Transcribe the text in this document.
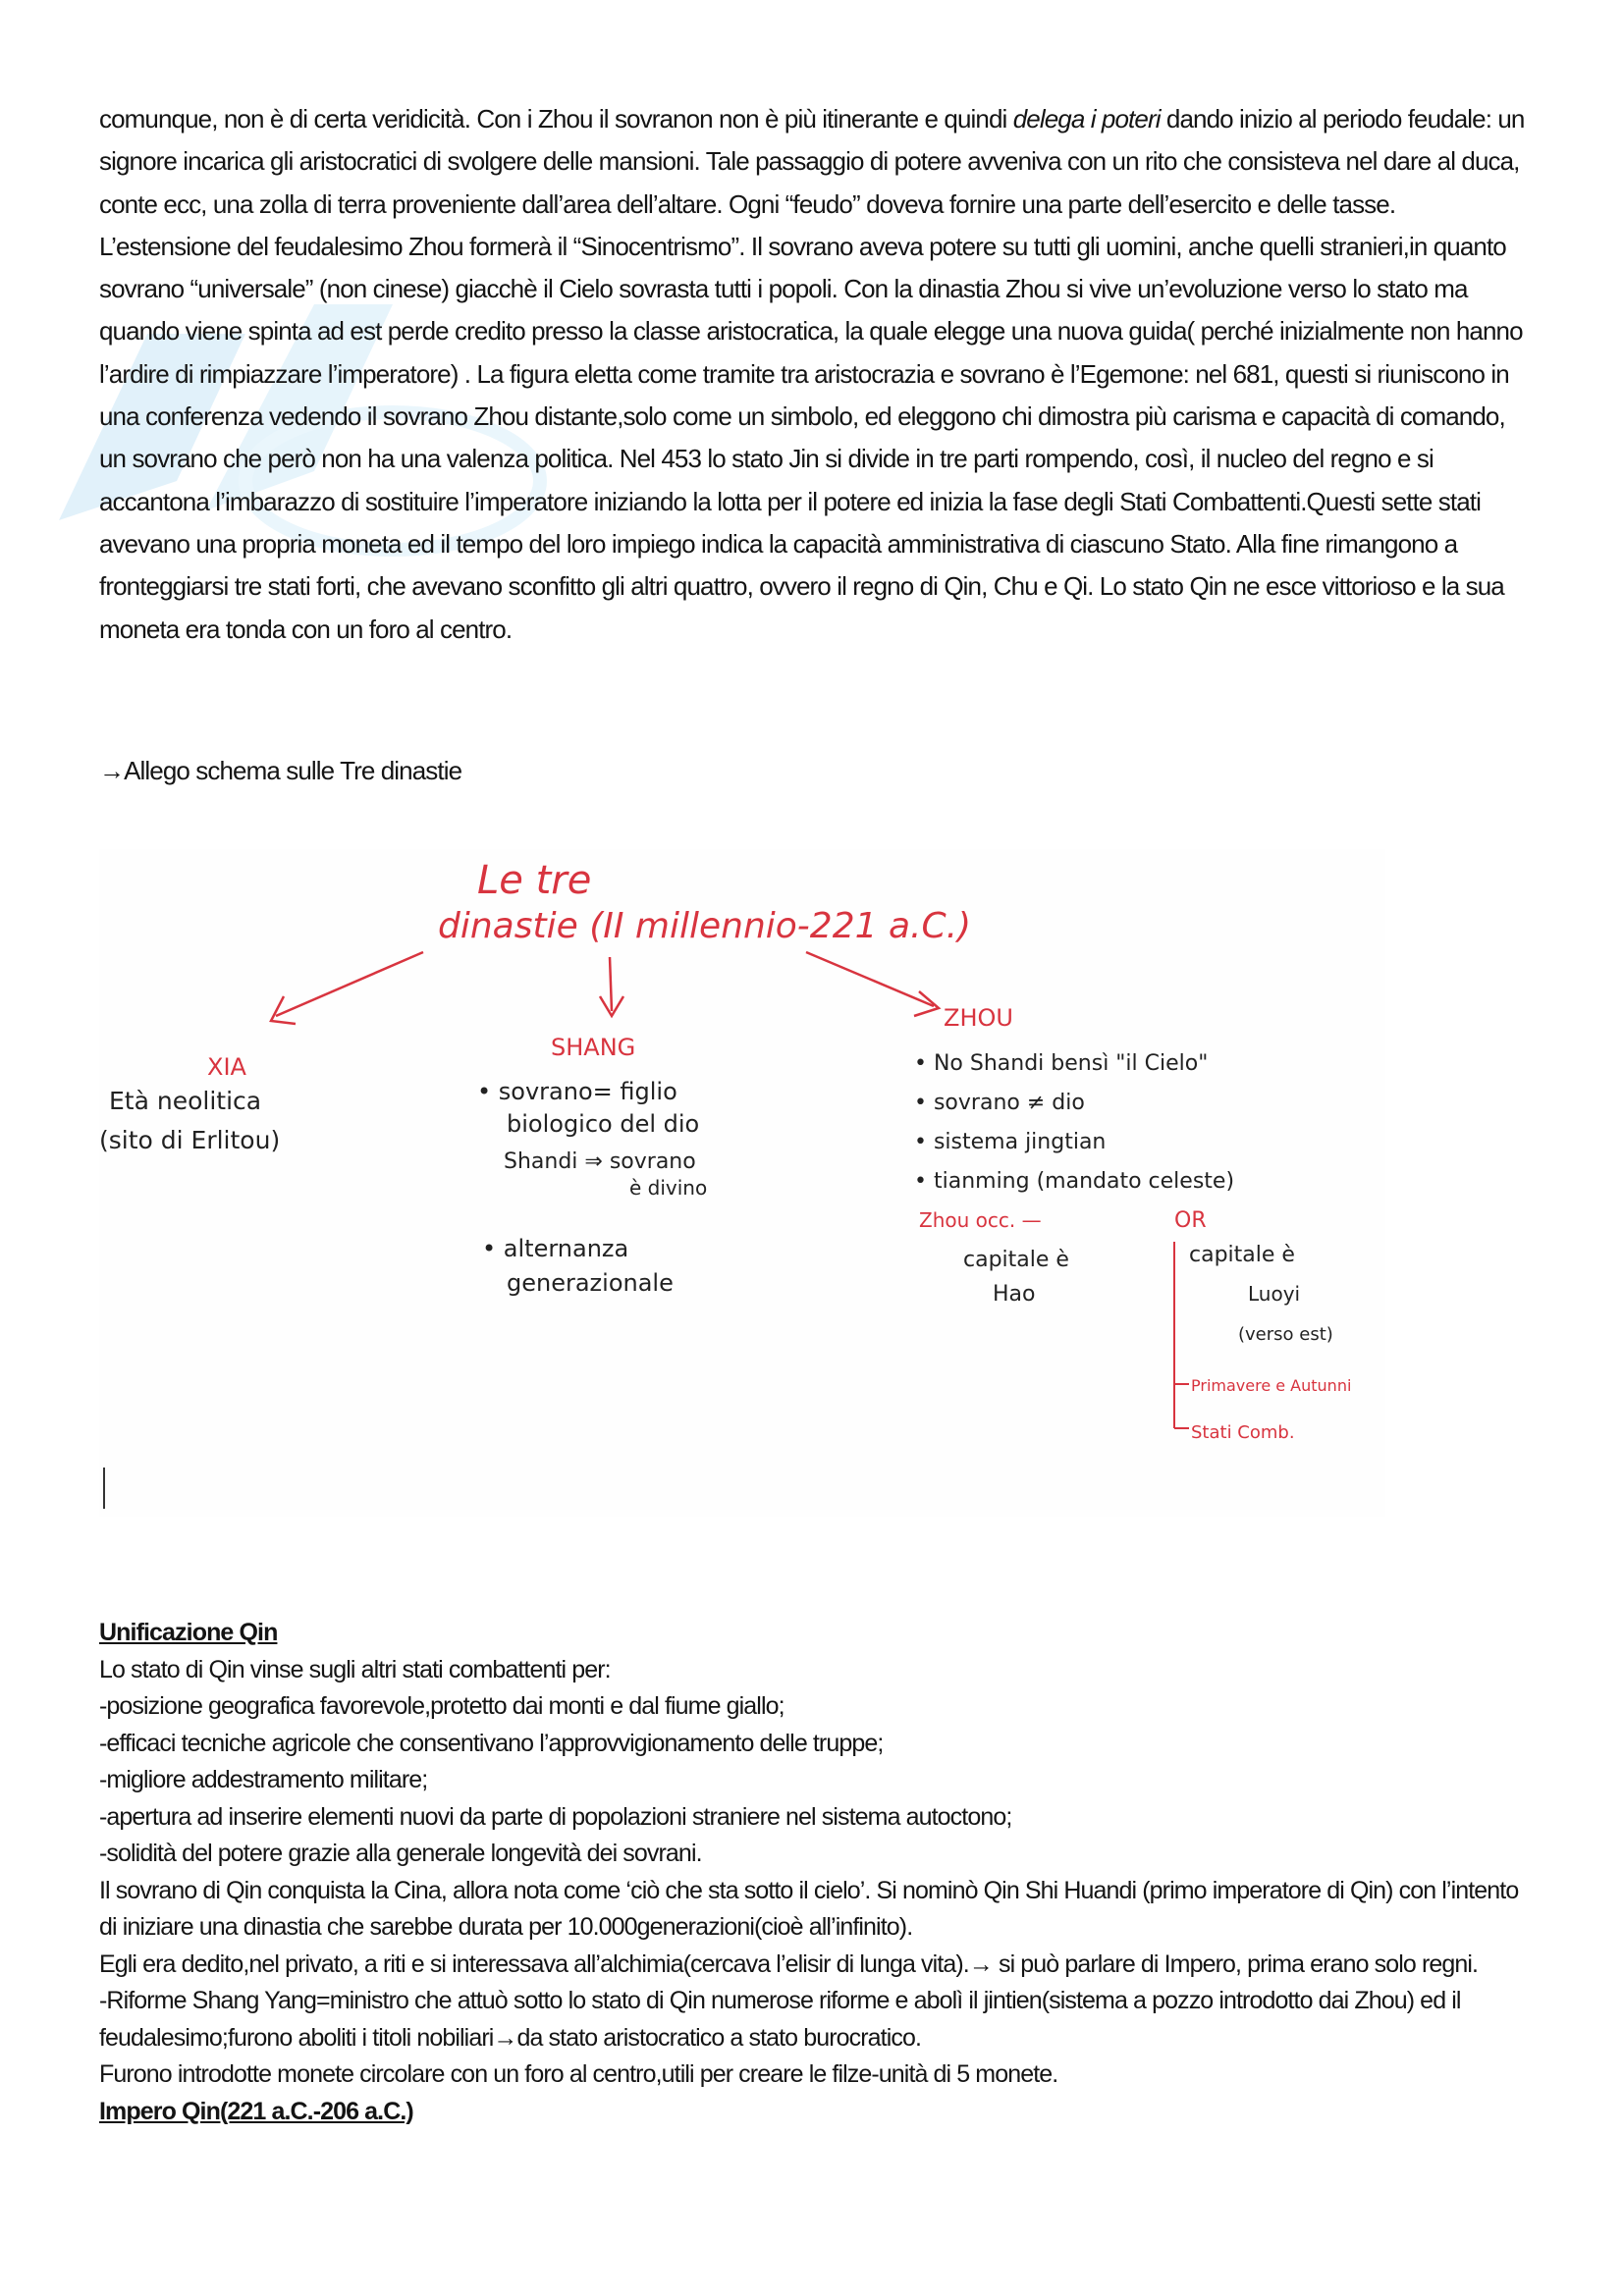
comunque, non è di certa veridicità. Con i Zhou il sovranon non è più itinerante e quindi delega i poteri dando inizio al periodo feudale: un signore incarica gli aristocratici di svolgere delle mansioni. Tale passaggio di potere avveniva con un rito che consisteva nel dare al duca, conte ecc, una zolla di terra proveniente dall’area dell’altare. Ogni “feudo” doveva fornire una parte dell’esercito e delle tasse. L’estensione del feudalesimo Zhou formerà il “Sinocentrismo”. Il sovrano aveva potere su tutti gli uomini, anche quelli stranieri,in quanto sovrano “universale” (non cinese) giacchè il Cielo sovrasta tutti i popoli. Con la dinastia Zhou si vive un’evoluzione verso lo stato ma quando viene spinta ad est perde credito presso la classe aristocratica, la quale elegge una nuova guida( perché inizialmente non hanno l’ardire di rimpiazzare l’imperatore) . La figura eletta come tramite tra aristocrazia e sovrano è l’Egemone: nel 681, questi si riuniscono in una conferenza vedendo il sovrano Zhou distante,solo come un simbolo, ed eleggono chi dimostra più carisma e capacità di comando, un sovrano che però non ha una valenza politica. Nel 453 lo stato Jin si divide in tre parti rompendo, così, il nucleo del regno e si accantona l’imbarazzo di sostituire l’imperatore iniziando la lotta per il potere ed inizia la fase degli Stati Combattenti.Questi sette stati avevano una propria moneta ed il tempo del loro impiego indica la capacità amministrativa di ciascuno Stato. Alla fine rimangono a fronteggiarsi tre stati forti, che avevano sconfitto gli altri quattro, ovvero il regno di Qin, Chu e Qi. Lo stato Qin ne esce vittorioso e la sua moneta era tonda con un foro al centro.

→Allego schema sulle Tre dinastie

Unificazione Qin

Lo stato di Qin vinse sugli altri stati combattenti per:

-posizione geografica favorevole,protetto dai monti e dal fiume giallo;

-efficaci tecniche agricole che consentivano l’approvvigionamento delle truppe;

-migliore addestramento militare;

-apertura ad inserire elementi nuovi da parte di popolazioni straniere nel sistema autoctono;

-solidità del potere grazie alla generale longevità dei sovrani.

Il sovrano di Qin conquista la Cina, allora nota come ‘ciò che sta sotto il cielo’. Si nominò Qin Shi Huandi (primo imperatore di Qin) con l’intento di iniziare una dinastia che sarebbe durata per 10.000generazioni(cioè all’infinito).

Egli era dedito,nel privato, a riti e si interessava all’alchimia(cercava l’elisir di lunga vita).→ si può parlare di Impero, prima erano solo regni.

-Riforme Shang Yang=ministro che attuò sotto lo stato di Qin numerose riforme e abolì il jintien(sistema a pozzo introdotto dai Zhou) ed il feudalesimo;furono aboliti i titoli nobiliari→da stato aristocratico a stato burocratico.

Furono introdotte monete circolare con un foro al centro,utili per creare le filze-unità di 5 monete.

Impero Qin(221 a.C.-206 a.C.)
Le tre
dinastie (II millennio-221 a.C.)
XIA
Età neolitica
(sito di Erlitou)
SHANG
• sovrano= figlio
biologico del dio
Shandi ⇒ sovrano
è divino
• alternanza
generazionale
ZHOU
• No Shandi bensì "il Cielo"
• sovrano ≠ dio
• sistema jingtian
• tianming (mandato celeste)
Zhou occ. —	OR
capitale è
Hao
capitale è
Luoyi
(verso est)
Primavere e Autunni
Stati Comb.
